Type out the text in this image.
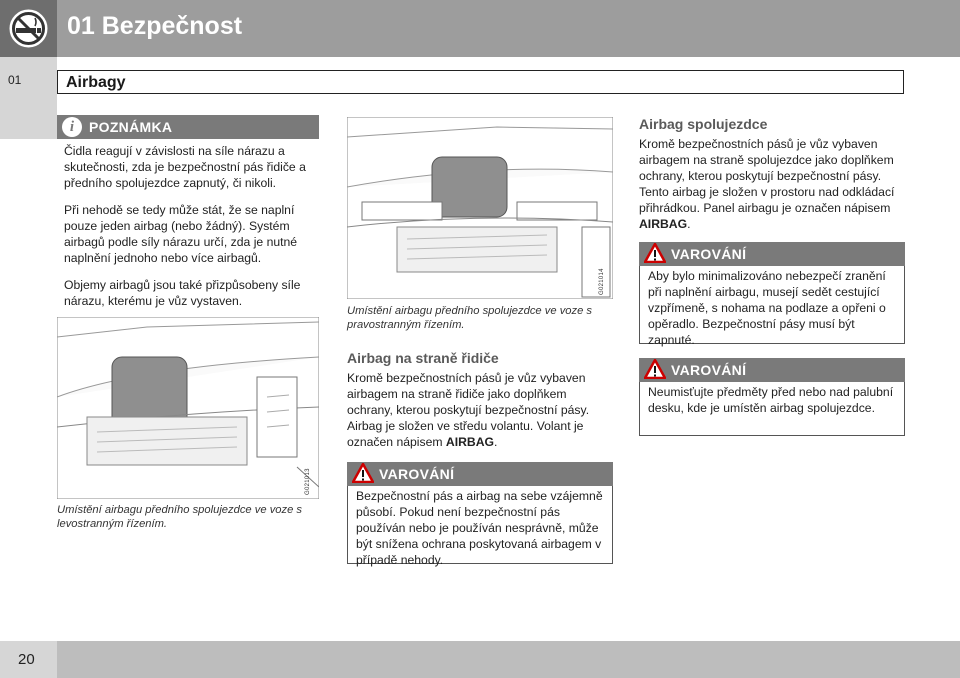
01 Bezpečnost
01	Airbagy
i	POZNÁMKA

Čidla reagují v závislosti na síle nárazu a skutečnosti, zda je bezpečnostní pás řidiče a předního spolujezdce zapnutý, či nikoli.

Při nehodě se tedy může stát, že se naplní pouze jeden airbag (nebo žádný). Systém airbagů podle síly nárazu určí, zda je nutné naplnění jednoho nebo více airbagů.

Objemy airbagů jsou také přizpůsobeny síle nárazu, kterému je vůz vystaven.

G021013
Umístění airbagu předního spolujezdce ve voze s levostranným řízením.
G021014
Umístění airbagu předního spolujezdce ve voze s pravostranným řízením.
Airbag na straně řidiče
Kromě bezpečnostních pásů je vůz vybaven airbagem na straně řidiče jako doplňkem ochrany, kterou poskytují bezpečnostní pásy. Airbag je složen ve středu volantu. Volant je označen nápisem AIRBAG.
VAROVÁNÍ
Bezpečnostní pás a airbag na sebe vzájemně působí. Pokud není bezpečnostní pás používán nebo je používán nesprávně, může být snížena ochrana poskytovaná airbagem v případě nehody.
Airbag spolujezdce
Kromě bezpečnostních pásů je vůz vybaven airbagem na straně spolujezdce jako doplňkem ochrany, kterou poskytují bezpečnostní pásy. Tento airbag je složen v prostoru nad odkládací přihrádkou. Panel airbagu je označen nápisem AIRBAG.
VAROVÁNÍ
Aby bylo minimalizováno nebezpečí zranění při naplnění airbagu, musejí sedět cestující vzpřímeně, s nohama na podlaze a opřeni o opěradlo. Bezpečnostní pásy musí být zapnuté.
VAROVÁNÍ
Neumisťujte předměty před nebo nad palubní desku, kde je umístěn airbag spolujezdce.
20
